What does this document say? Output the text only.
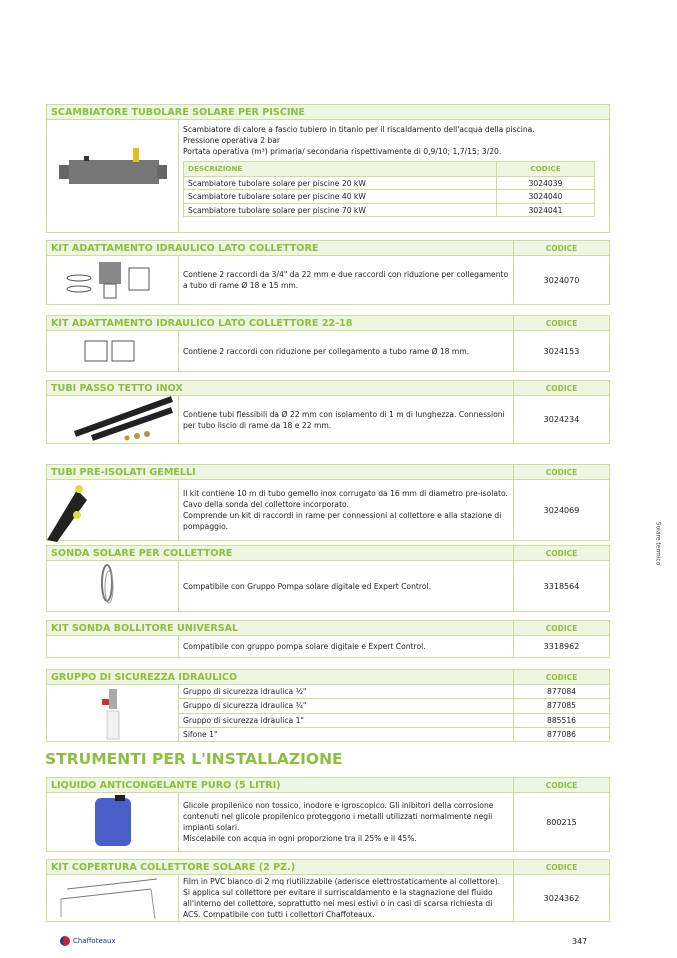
SCAMBIATORE TUBOLARE SOLARE PER PISCINE
Scambiatore di calore a fascio tubiero in titanio per il riscaldamento dell'acqua della piscina.
Pressione operativa 2 bar
Portata operativa (m³) primaria/ secondaria rispettivamente di 0,9/10; 1,7/15; 3/20.
DESCRIZIONE	CODICE
Scambiatore tubolare solare per piscine 20 kW	3024039
Scambiatore tubolare solare per piscine 40 kW	3024040
Scambiatore tubolare solare per piscine 70 kW	3024041
KIT ADATTAMENTO IDRAULICO LATO COLLETTORE	CODICE
Contiene 2 raccordi da 3/4" da 22 mm e due raccordi con riduzione per collegamento a tubo di rame Ø 18 e 15 mm.
3024070
KIT ADATTAMENTO IDRAULICO LATO COLLETTORE 22-18	CODICE
Contiene 2 raccordi con riduzione per collegamento a tubo rame Ø 18 mm.	3024153
TUBI PASSO TETTO INOX	CODICE
Contiene tubi flessibili da Ø 22 mm con isolamento di 1 m di lunghezza. Connessioni per tubo liscio di rame da 18 e 22 mm.
3024234
TUBI PRE-ISOLATI GEMELLI	CODICE
Il kit contiene 10 m di tubo gemello inox corrugato da 16 mm di diametro pre-isolato.
Cavo della sonda del collettore incorporato.
Comprende un kit di raccordi in rame per connessioni al collettore e alla stazione di pompaggio.
3024069
SONDA SOLARE PER COLLETTORE	CODICE
Compatibile con Gruppo Pompa solare digitale ed Expert Control.	3318564
KIT SONDA BOLLITORE UNIVERSAL	CODICE
Compatibile con gruppo pompa solare digitale e Expert Control.	3318962
GRUPPO DI SICUREZZA IDRAULICO	CODICE
Gruppo di sicurezza idraulica ½"	877084
Gruppo di sicurezza idraulica ¾"	877085
Gruppo di sicurezza idraulica 1"	885516
Sifone 1"	877086
STRUMENTI PER L'INSTALLAZIONE
LIQUIDO ANTICONGELANTE PURO (5 LITRI)	CODICE
Glicole propilenico non tossico, inodore e igroscopico. Gli inibitori della corrosione contenuti nel glicole propilenico proteggono i metalli utilizzati normalmente negli impianti solari.
Miscelabile con acqua in ogni proporzione tra il 25% e il 45%.
800215
KIT COPERTURA COLLETTORE SOLARE (2 PZ.)	CODICE
Film in PVC bianco di 2 mq riutilizzabile (aderisce elettrostaticamente al collettore). Si applica sul collettore per evitare il surriscaldamento e la stagnazione del fluido all'interno del collettore, soprattutto nei mesi estivi o in casi di scarsa richiesta di ACS. Compatibile con tutti i collettori Chaffoteaux.
3024362
Solare termico
Chaffoteaux	347
